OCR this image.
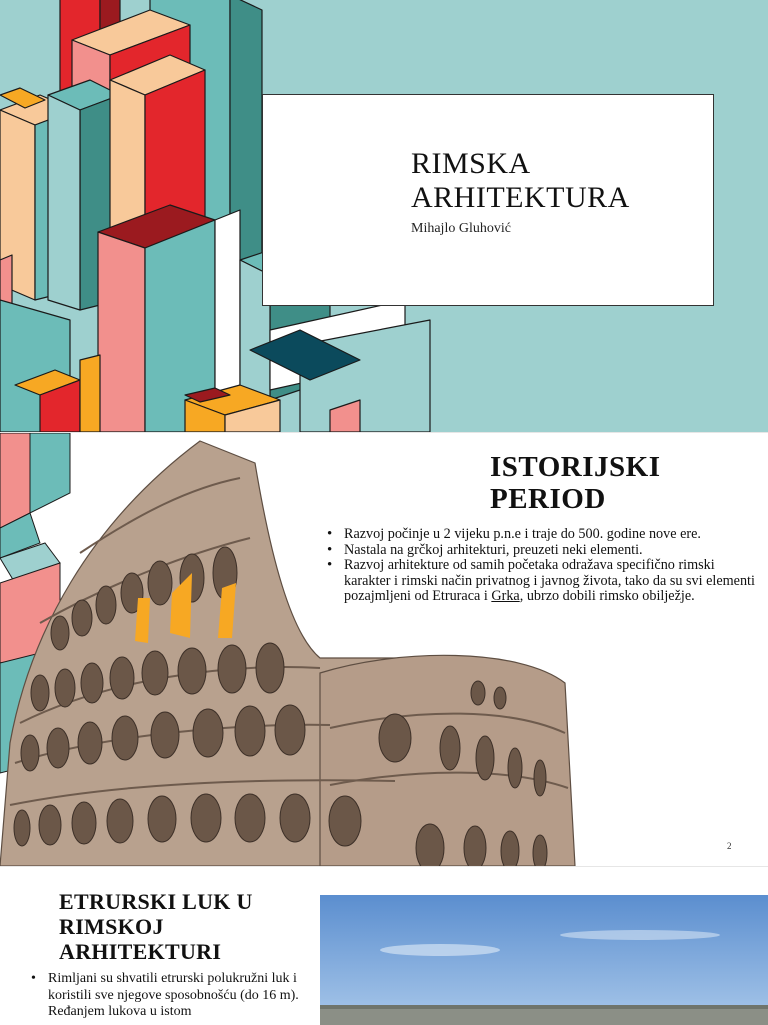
RIMSKA ARHITEKTURA
Mihajlo Gluhović
ISTORIJSKI PERIOD
• Razvoj počinje u 2 vijeku p.n.e i traje do 500. godine nove ere.
• Nastala na grčkoj arhitekturi, preuzeti neki elementi.
• Razvoj arhitekture od samih početaka odražava specifično rimski karakter i rimski način privatnog i javnog života, tako da su svi elementi pozajmljeni od Etruraca i Grka, ubrzo dobili rimsko obilježje.
2
ETRURSKI LUK U RIMSKOJ ARHITEKTURI
• Rimljani su shvatili etrurski polukružni luk i koristili sve njegove sposobnošću (do 16 m). Ređanjem lukova u istom
